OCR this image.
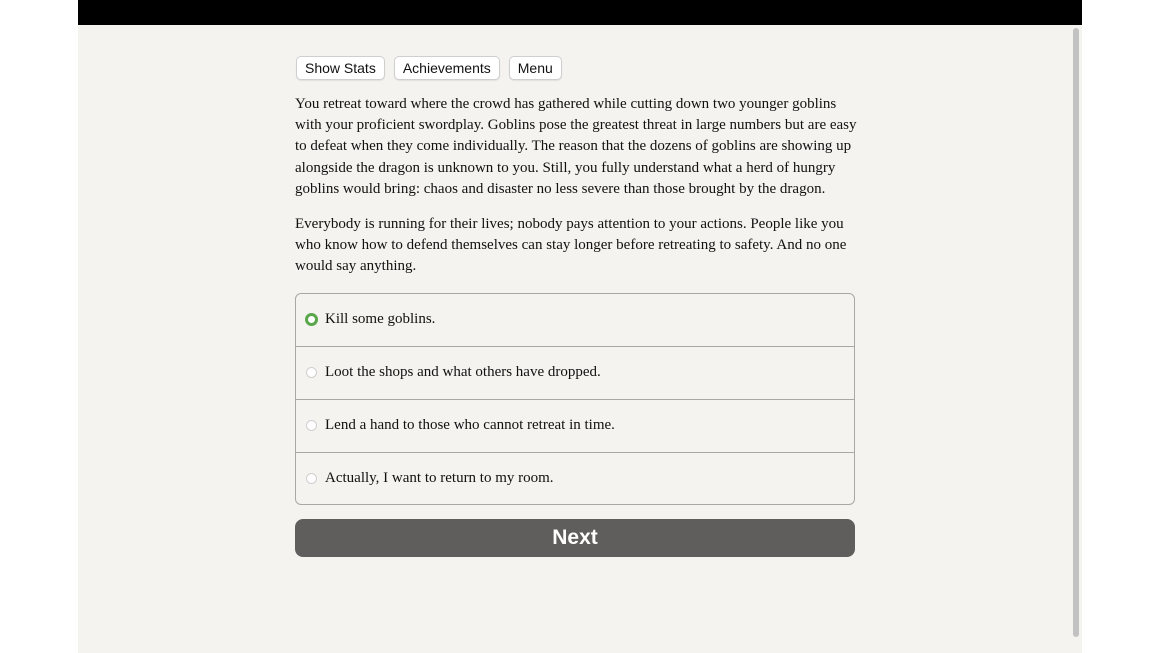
Show Stats	Achievements	Menu

You retreat toward where the crowd has gathered while cutting down two younger goblins with your proficient swordplay. Goblins pose the greatest threat in large numbers but are easy to defeat when they come individually. The reason that the dozens of goblins are showing up alongside the dragon is unknown to you. Still, you fully understand what a herd of hungry goblins would bring: chaos and disaster no less severe than those brought by the dragon.

Everybody is running for their lives; nobody pays attention to your actions. People like you who know how to defend themselves can stay longer before retreating to safety. And no one would say anything.

Kill some goblins.
Loot the shops and what others have dropped.
Lend a hand to those who cannot retreat in time.
Actually, I want to return to my room.
Next
